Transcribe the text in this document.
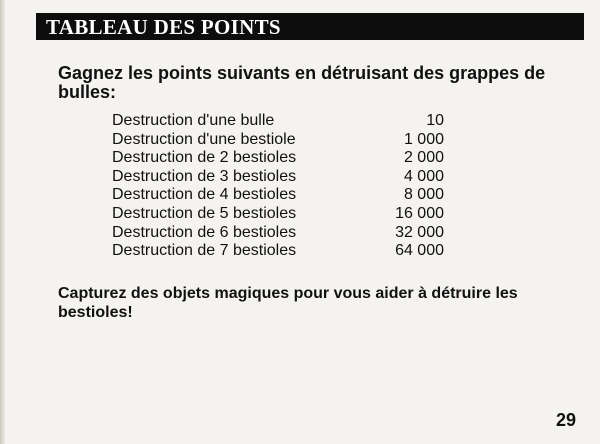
TABLEAU DES POINTS

Gagnez les points suivants en détruisant des grappes de bulles:

Destruction d'une bulle	10
Destruction d'une bestiole	1 000
Destruction de 2 bestioles	2 000
Destruction de 3 bestioles	4 000
Destruction de 4 bestioles	8 000
Destruction de 5 bestioles	16 000
Destruction de 6 bestioles	32 000
Destruction de 7 bestioles	64 000

Capturez des objets magiques pour vous aider à détruire les bestioles!

29
